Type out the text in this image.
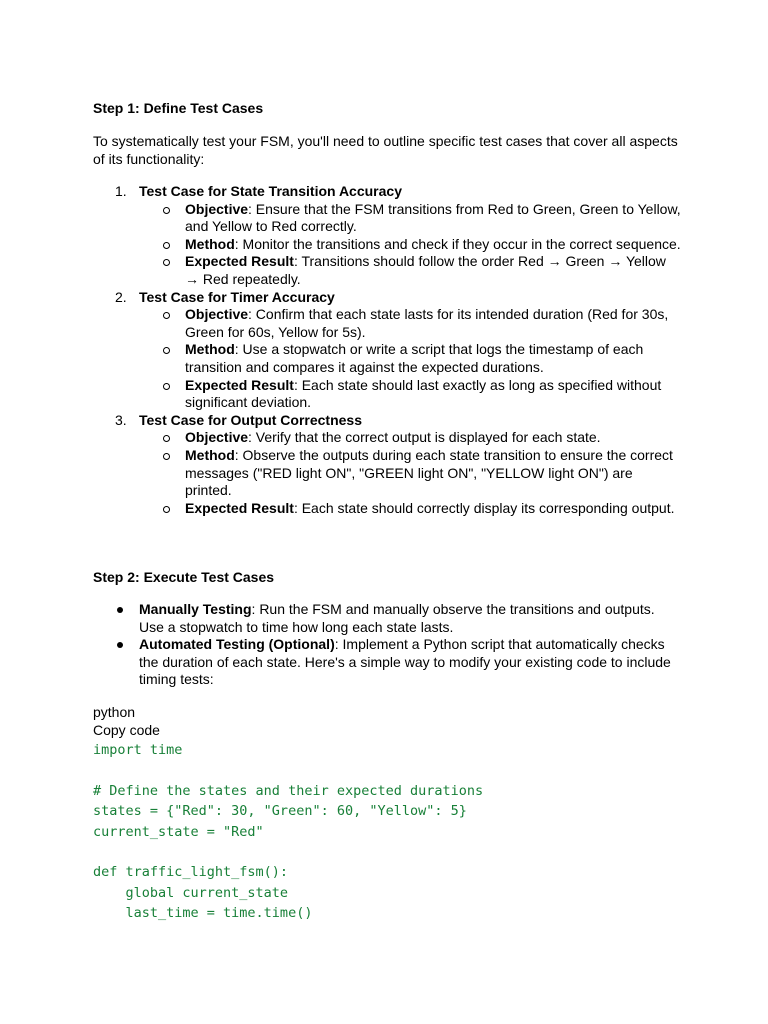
Step 1: Define Test Cases

To systematically test your FSM, you'll need to outline specific test cases that cover all aspects of its functionality:

1. Test Case for State Transition Accuracy
Objective: Ensure that the FSM transitions from Red to Green, Green to Yellow, and Yellow to Red correctly.
Method: Monitor the transitions and check if they occur in the correct sequence.
Expected Result: Transitions should follow the order Red → Green → Yellow → Red repeatedly.
2. Test Case for Timer Accuracy
Objective: Confirm that each state lasts for its intended duration (Red for 30s, Green for 60s, Yellow for 5s).
Method: Use a stopwatch or write a script that logs the timestamp of each transition and compares it against the expected durations.
Expected Result: Each state should last exactly as long as specified without significant deviation.
3. Test Case for Output Correctness
Objective: Verify that the correct output is displayed for each state.
Method: Observe the outputs during each state transition to ensure the correct messages ("RED light ON", "GREEN light ON", "YELLOW light ON") are printed.
Expected Result: Each state should correctly display its corresponding output.
Step 2: Execute Test Cases
Manually Testing: Run the FSM and manually observe the transitions and outputs. Use a stopwatch to time how long each state lasts.
Automated Testing (Optional): Implement a Python script that automatically checks the duration of each state. Here's a simple way to modify your existing code to include timing tests:
python
Copy code
import time

# Define the states and their expected durations
states = {"Red": 30, "Green": 60, "Yellow": 5}
current_state = "Red"

def traffic_light_fsm():
global current_state
last_time = time.time()
